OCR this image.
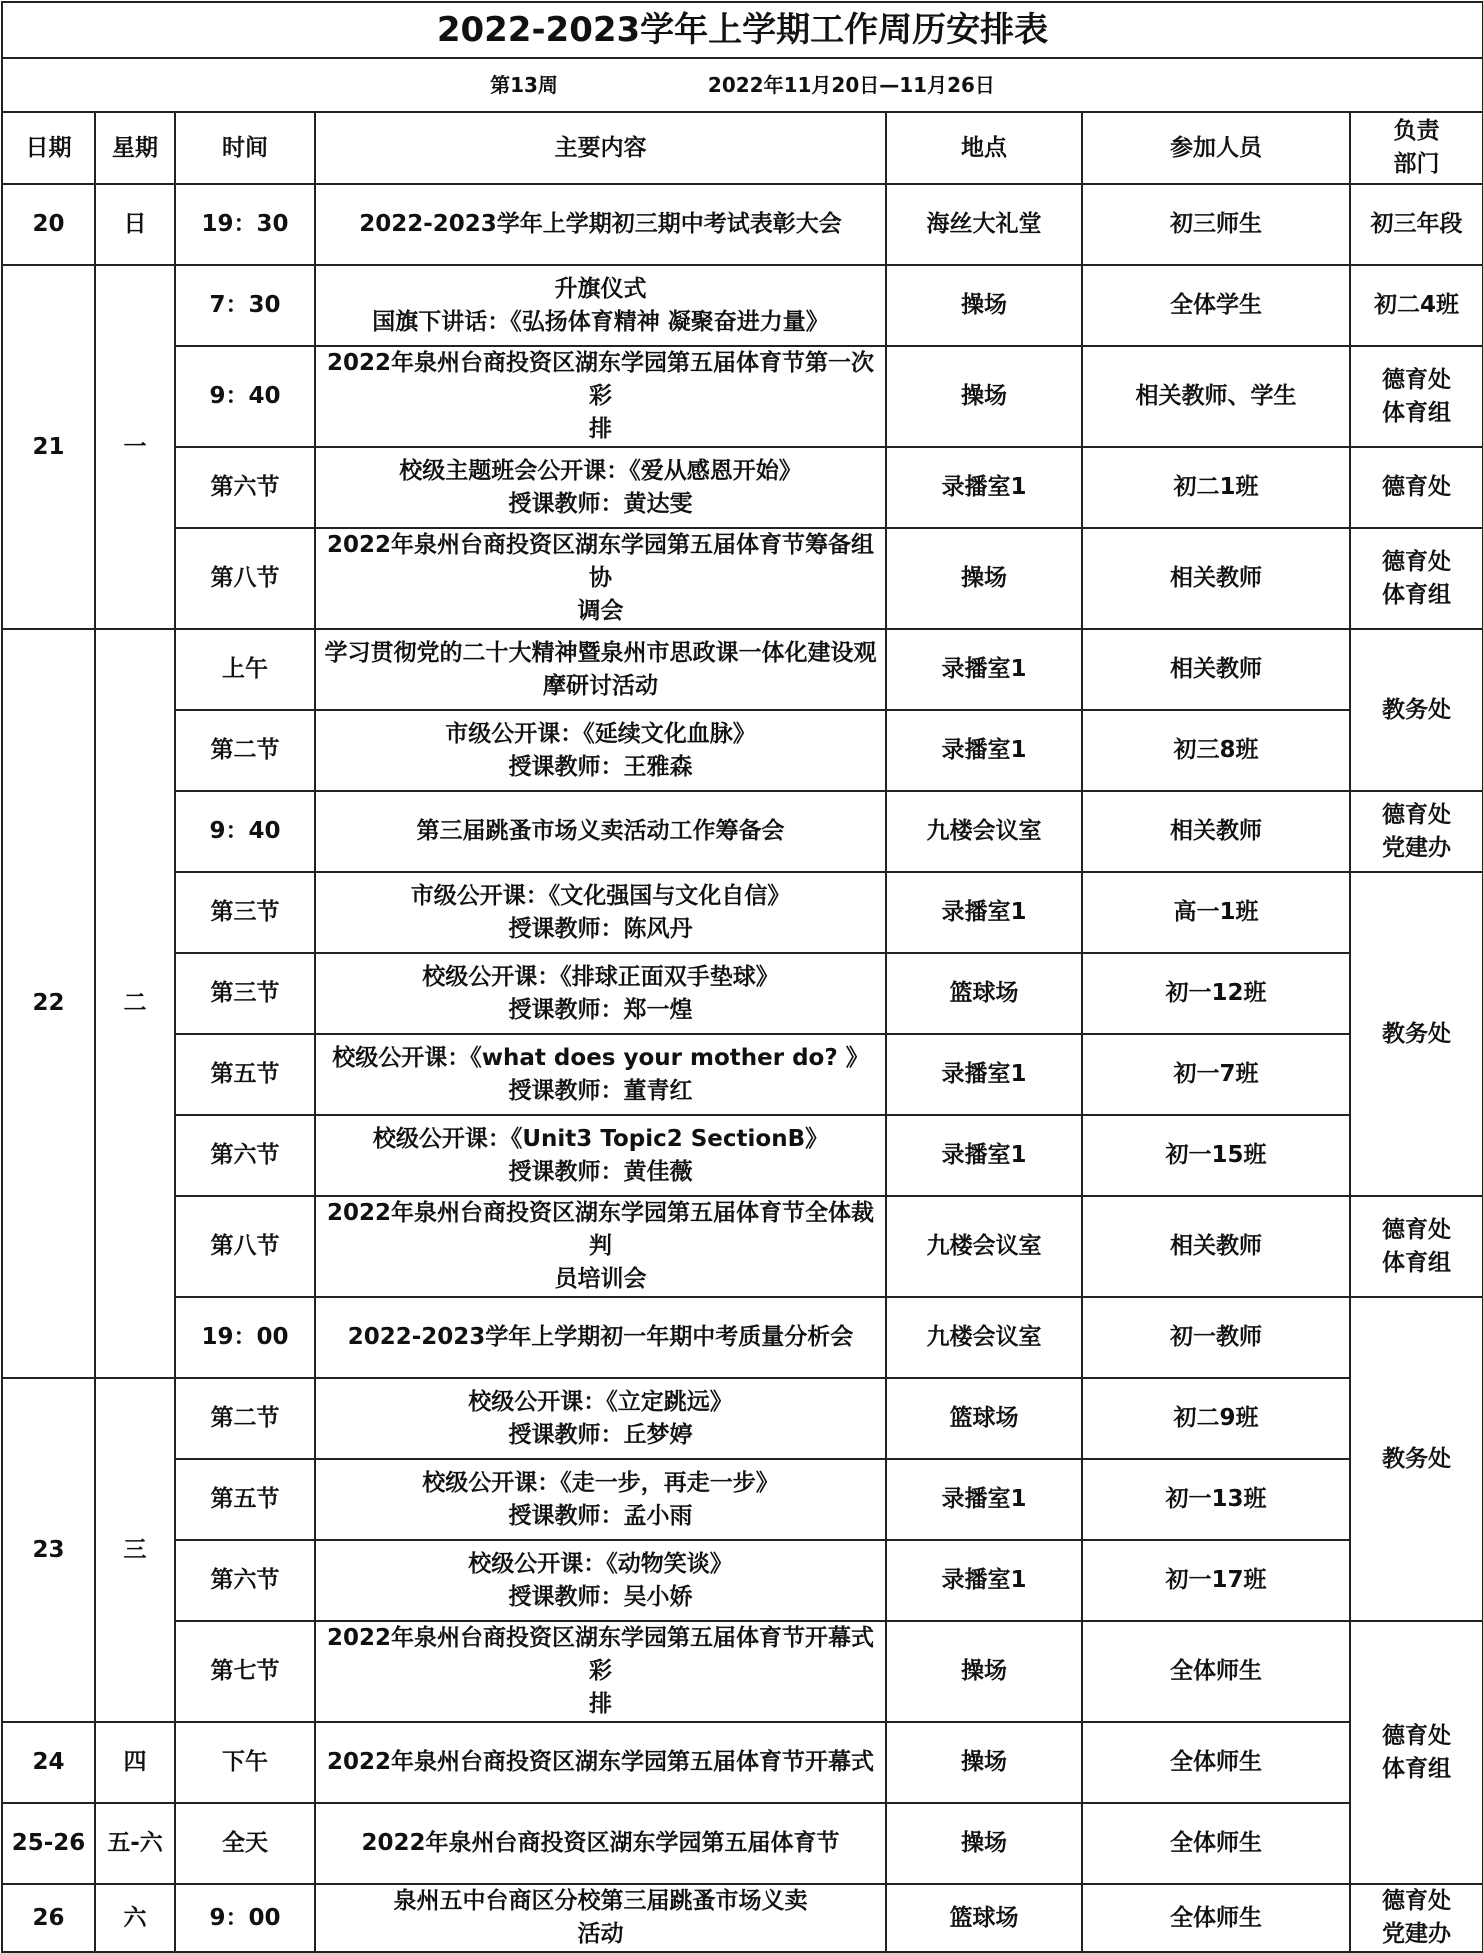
2022-2023学年上学期工作周历安排表						
第13周 2022年11月20日—11月26日						
日期	星期	时间	主要内容	地点	参加人员	负责
部门

20	日	19：30	2022-2023学年上学期初三期中考试表彰大会	海丝大礼堂	初三师生	初三年段

21	一	7：30	升旗仪式
国旗下讲话：《弘扬体育精神 凝聚奋进力量》	操场	全体学生	初二4班

		9：40	2022年泉州台商投资区湖东学园第五届体育节第一次彩
排	操场	相关教师、学生	德育处
体育组

		第六节	校级主题班会公开课：《爱从感恩开始》
授课教师：黄达雯	录播室1	初二1班	德育处

		第八节	2022年泉州台商投资区湖东学园第五届体育节筹备组协
调会	操场	相关教师	德育处
体育组

22	二	上午	学习贯彻党的二十大精神暨泉州市思政课一体化建设观
摩研讨活动	录播室1	相关教师	教务处

		第二节	市级公开课：《延续文化血脉》
授课教师：王雅森	录播室1	初三8班	
		9：40	第三届跳蚤市场义卖活动工作筹备会	九楼会议室	相关教师	德育处
党建办

		第三节	市级公开课：《文化强国与文化自信》
授课教师：陈风丹	录播室1	高一1班	教务处

		第三节	校级公开课：《排球正面双手垫球》
授课教师：郑一煌	篮球场	初一12班	
		第五节	校级公开课：《what does your mother do? 》
授课教师：董青红	录播室1	初一7班	
		第六节	校级公开课：《Unit3 Topic2 SectionB》
授课教师：黄佳薇	录播室1	初一15班	
		第八节	2022年泉州台商投资区湖东学园第五届体育节全体裁判
员培训会	九楼会议室	相关教师	德育处
体育组

		19：00	2022-2023学年上学期初一年期中考质量分析会	九楼会议室	初一教师	教务处

23	三	第二节	校级公开课：《立定跳远》
授课教师：丘梦婷	篮球场	初二9班	
		第五节	校级公开课：《走一步，再走一步》
授课教师：孟小雨	录播室1	初一13班	
		第六节	校级公开课：《动物笑谈》
授课教师：吴小娇	录播室1	初一17班	
		第七节	2022年泉州台商投资区湖东学园第五届体育节开幕式彩
排	操场	全体师生	德育处
体育组

24	四	下午	2022年泉州台商投资区湖东学园第五届体育节开幕式	操场	全体师生	
25-26	五-六	全天	2022年泉州台商投资区湖东学园第五届体育节	操场	全体师生	
26	六	9：00	泉州五中台商区分校第三届跳蚤市场义卖
活动	篮球场	全体师生	德育处
党建办
